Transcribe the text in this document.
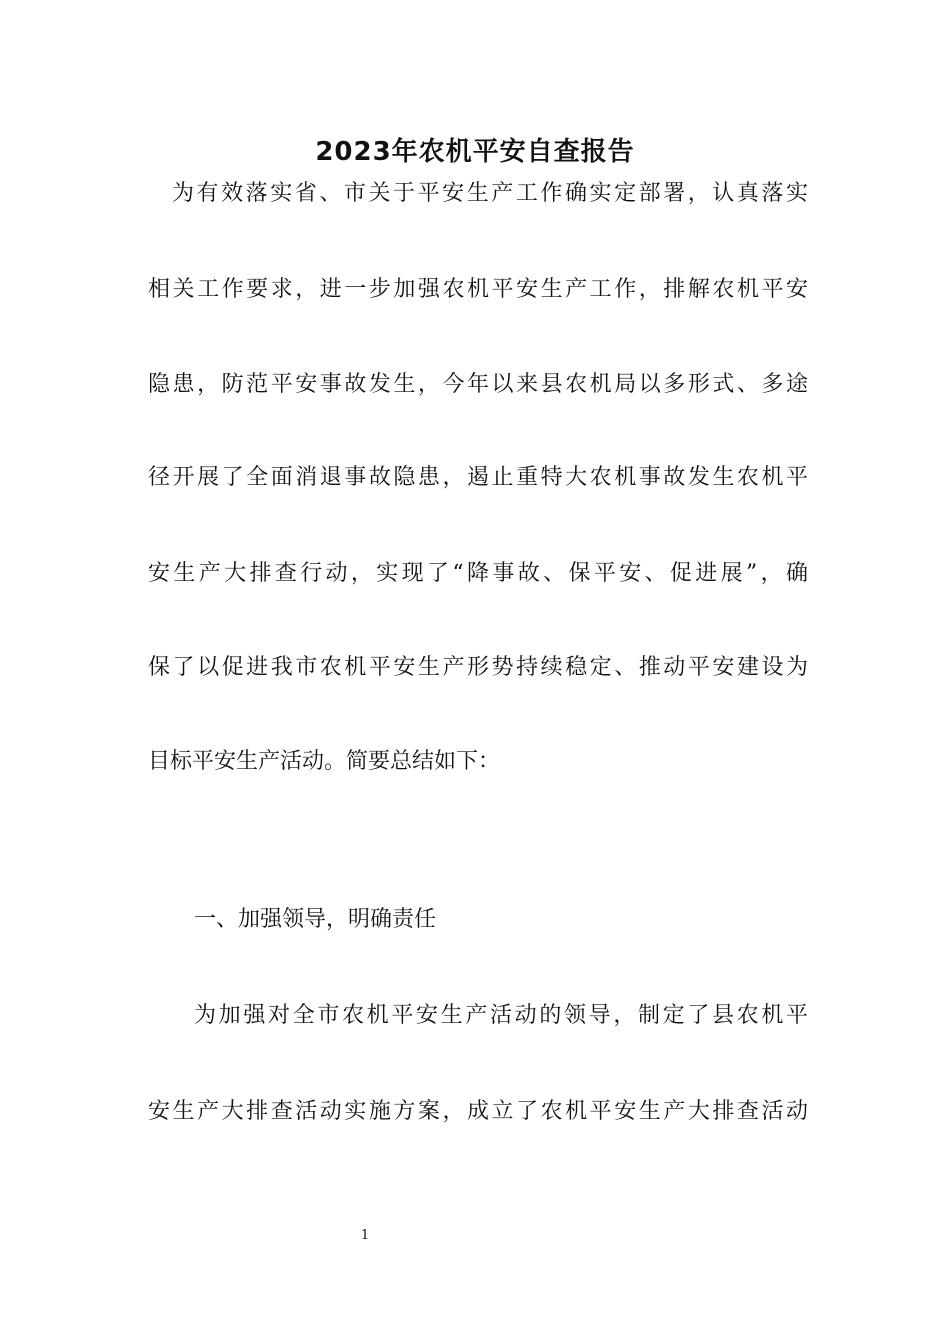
2023年农机平安自查报告
为有效落实省、市关于平安生产工作确实定部署，认真落实
相关工作要求，进一步加强农机平安生产工作，排解农机平安
隐患，防范平安事故发生，今年以来县农机局以多形式、多途
径开展了全面消退事故隐患，遏止重特大农机事故发生农机平
安生产大排查行动，实现了“降事故、保平安、促进展”，确
保了以促进我市农机平安生产形势持续稳定、推动平安建设为
目标平安生产活动。简要总结如下：
一、加强领导，明确责任
为加强对全市农机平安生产活动的领导，制定了县农机平
安生产大排查活动实施方案，成立了农机平安生产大排查活动
1
